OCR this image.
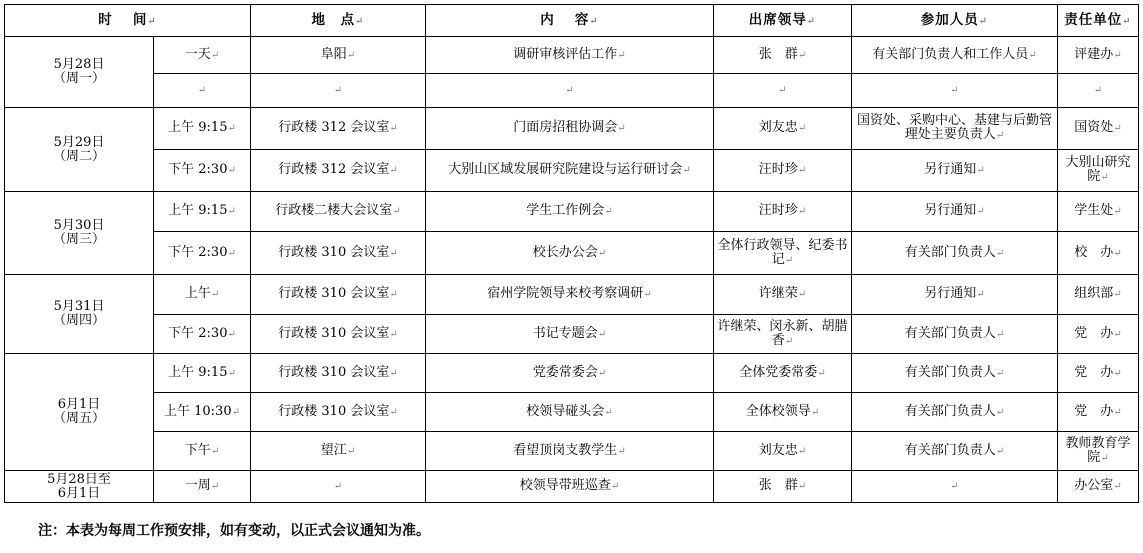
时　 间↵		地　点↵	内　 容↵	出席领导↵	参加人员↵	责任单位↵

5月28日
（周一）	一天↵	阜阳↵	调研审核评估工作↵	张　群↵	有关部门负责人和工作人员↵	评建办↵
	↵	↵	↵	↵	↵	↵

5月29日
（周二）	上午 9:15↵	行政楼 312 会议室↵	门面房招租协调会↵	刘友忠↵	国资处、采购中心、基建与后勤管理处主要负责人↵	国资处↵
	下午 2:30↵	行政楼 312 会议室↵	大别山区域发展研究院建设与运行研讨会↵	汪时珍↵	另行通知↵	大别山研究院↵

5月30日
（周三）	上午 9:15↵	行政楼二楼大会议室↵	学生工作例会↵	汪时珍↵	另行通知↵	学生处↵
	下午 2:30↵	行政楼 310 会议室↵	校长办公会↵	全体行政领导、纪委书记↵	有关部门负责人↵	校　办↵

5月31日
（周四）	上午↵	行政楼 310 会议室↵	宿州学院领导来校考察调研↵	许继荣↵	另行通知↵	组织部↵
	下午 2:30↵	行政楼 310 会议室↵	书记专题会↵	许继荣、闵永新、胡腊香↵	有关部门负责人↵	党　办↵

6月1日
（周五）	上午 9:15↵	行政楼 310 会议室↵	党委常委会↵	全体党委常委↵	有关部门负责人↵	党　办↵
	上午 10:30↵	行政楼 310 会议室↵	校领导碰头会↵	全体校领导↵	有关部门负责人↵	党　办↵
	下午↵	望江↵	看望顶岗支教学生↵	刘友忠↵	有关部门负责人↵	教师教育学院↵

5月28日至
6月1日	一周↵	↵	校领导带班巡查↵	张　群↵	↵	办公室↵
注：本表为每周工作预安排，如有变动，以正式会议通知为准。
